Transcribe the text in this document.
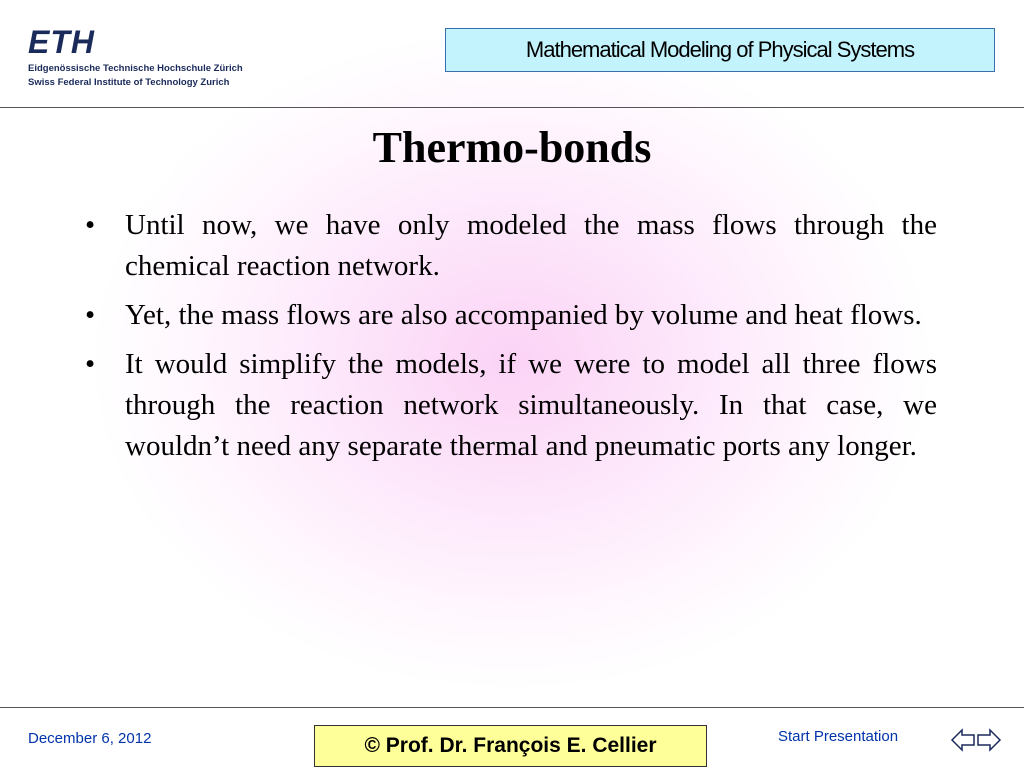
ETH
Eidgenössische Technische Hochschule Zürich
Swiss Federal Institute of Technology Zurich
Mathematical Modeling of Physical Systems
Thermo-bonds
• Until now, we have only modeled the mass flows through the chemical reaction network.
• Yet, the mass flows are also accompanied by volume and heat flows.
• It would simplify the models, if we were to model all three flows through the reaction network simultaneously. In that case, we wouldn’t need any separate thermal and pneumatic ports any longer.
December 6, 2012	© Prof. Dr. François E. Cellier	Start Presentation
